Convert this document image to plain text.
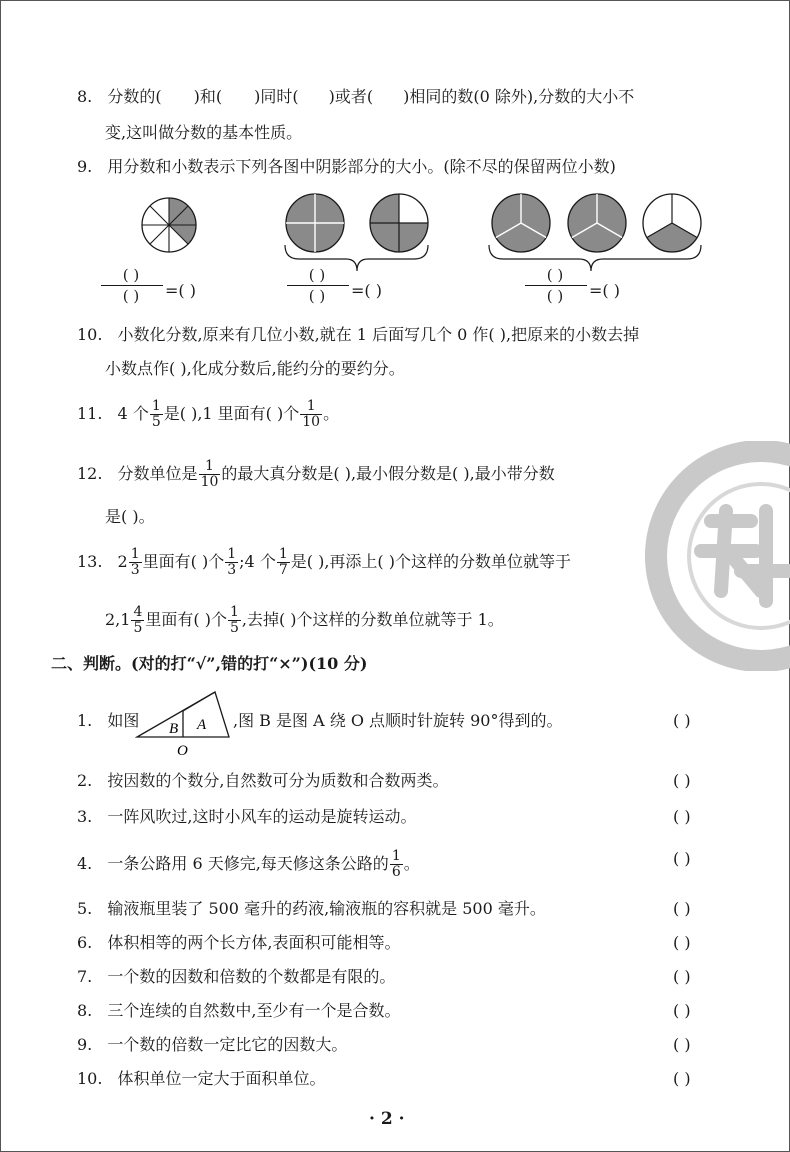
8. 分数的( )和( )同时( )或者( )相同的数(0 除外),分数的大小不
变,这叫做分数的基本性质。
9. 用分数和小数表示下列各图中阴影部分的大小。(除不尽的保留两位小数)
( )
( )	=( )
( )
( )	=( )
( )
( )	=( )
10. 小数化分数,原来有几位小数,就在 1 后面写几个 0 作( ),把原来的小数去掉
小数点作( ),化成分数后,能约分的要约分。
11. 4 个 $\frac{1}{5}$ 是( ),1 里面有( )个 $\frac{1}{10}$ 。
12. 分数单位是 $\frac{1}{10}$ 的最大真分数是( ),最小假分数是( ),最小带分数
是( )。
13. $2 \frac{1}{3}$ 里面有( )个 $\frac{1}{3}$ ;4 个 $\frac{1}{7}$ 是( ),再添上( )个这样的分数单位就等于
$2,1 \frac{4}{5}$ 里面有( )个 $\frac{1}{5}$ ,去掉( )个这样的分数单位就等于 1。
二、判断。(对的打“√”,错的打“×”)(10 分)
1. 如图 B A
O
,图 B 是图 A 绕 O 点顺时针旋转 90°得到的。	( )
2. 按因数的个数分,自然数可分为质数和合数两类。	( )
3. 一阵风吹过,这时小风车的运动是旋转运动。	( )
4. 一条公路用 6 天修完,每天修这条公路的 $\frac{1}{6}$ 。	( )
5. 输液瓶里装了 500 毫升的药液,输液瓶的容积就是 500 毫升。	( )
6. 体积相等的两个长方体,表面积可能相等。	( )
7. 一个数的因数和倍数的个数都是有限的。	( )
8. 三个连续的自然数中,至少有一个是合数。	( )
9. 一个数的倍数一定比它的因数大。	( )
10. 体积单位一定大于面积单位。	( )
· 2 ·
